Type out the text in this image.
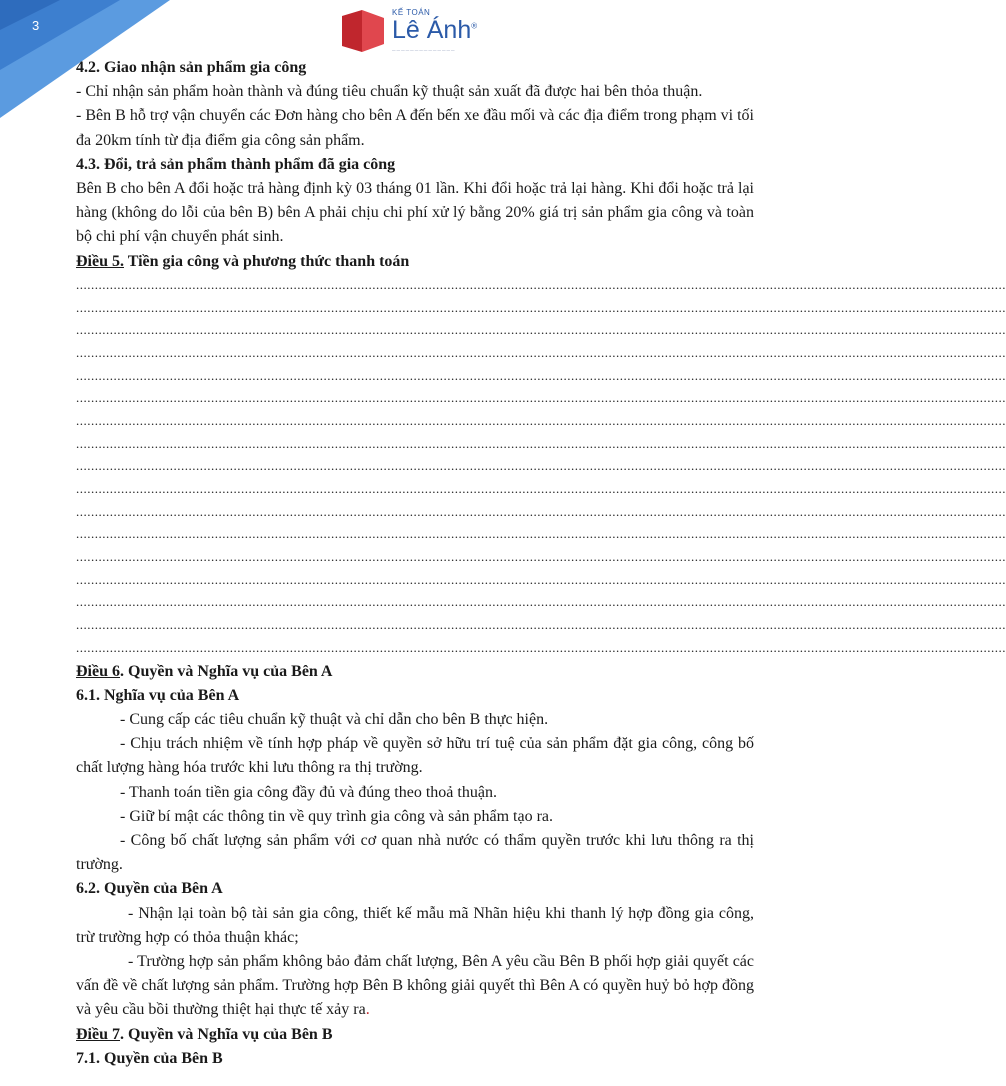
3
KẾ TOÁN
Lê Ánh®
──────────────

4.2. Giao nhận sản phẩm gia công

- Chỉ nhận sản phẩm hoàn thành và đúng tiêu chuẩn kỹ thuật sản xuất đã được hai bên thỏa thuận.

- Bên B hỗ trợ vận chuyển các Đơn hàng cho bên A đến bến xe đầu mối và các địa điểm trong phạm vi tối đa 20km tính từ địa điểm gia công sản phẩm.

4.3. Đổi, trả sản phẩm thành phẩm đã gia công

Bên B cho bên A đổi hoặc trả hàng định kỳ 03 tháng 01 lần. Khi đổi hoặc trả lại hàng. Khi đổi hoặc trả lại hàng (không do lỗi của bên B) bên A phải chịu chi phí xử lý bằng 20% giá trị sản phẩm gia công và toàn bộ chi phí vận chuyển phát sinh.

Điều 5. Tiền gia công và phương thức thanh toán

........................................................................................................................................................................................................................................................
........................................................................................................................................................................................................................................................
........................................................................................................................................................................................................................................................
........................................................................................................................................................................................................................................................
........................................................................................................................................................................................................................................................
........................................................................................................................................................................................................................................................
........................................................................................................................................................................................................................................................
........................................................................................................................................................................................................................................................
........................................................................................................................................................................................................................................................
........................................................................................................................................................................................................................................................
........................................................................................................................................................................................................................................................
........................................................................................................................................................................................................................................................
........................................................................................................................................................................................................................................................
........................................................................................................................................................................................................................................................
........................................................................................................................................................................................................................................................
........................................................................................................................................................................................................................................................
........................................................................................................................................................................................................................................................

Điều 6. Quyền và Nghĩa vụ của Bên A

6.1. Nghĩa vụ của Bên A

- Cung cấp các tiêu chuẩn kỹ thuật và chỉ dẫn cho bên B thực hiện.

- Chịu trách nhiệm về tính hợp pháp về quyền sở hữu trí tuệ của sản phẩm đặt gia công, công bố chất lượng hàng hóa trước khi lưu thông ra thị trường.

- Thanh toán tiền gia công đầy đủ và đúng theo thoả thuận.

- Giữ bí mật các thông tin về quy trình gia công và sản phẩm tạo ra.

- Công bố chất lượng sản phẩm với cơ quan nhà nước có thẩm quyền trước khi lưu thông ra thị trường.

6.2. Quyền của Bên A

- Nhận lại toàn bộ tài sản gia công, thiết kế mẫu mã Nhãn hiệu khi thanh lý hợp đồng gia công, trừ trường hợp có thỏa thuận khác;

- Trường hợp sản phẩm không bảo đảm chất lượng, Bên A yêu cầu Bên B phối hợp giải quyết các vấn đề về chất lượng sản phẩm. Trường hợp Bên B không giải quyết thì Bên A có quyền huỷ bỏ hợp đồng và yêu cầu bồi thường thiệt hại thực tế xảy ra.

Điều 7. Quyền và Nghĩa vụ của Bên B

7.1. Quyền của Bên B
